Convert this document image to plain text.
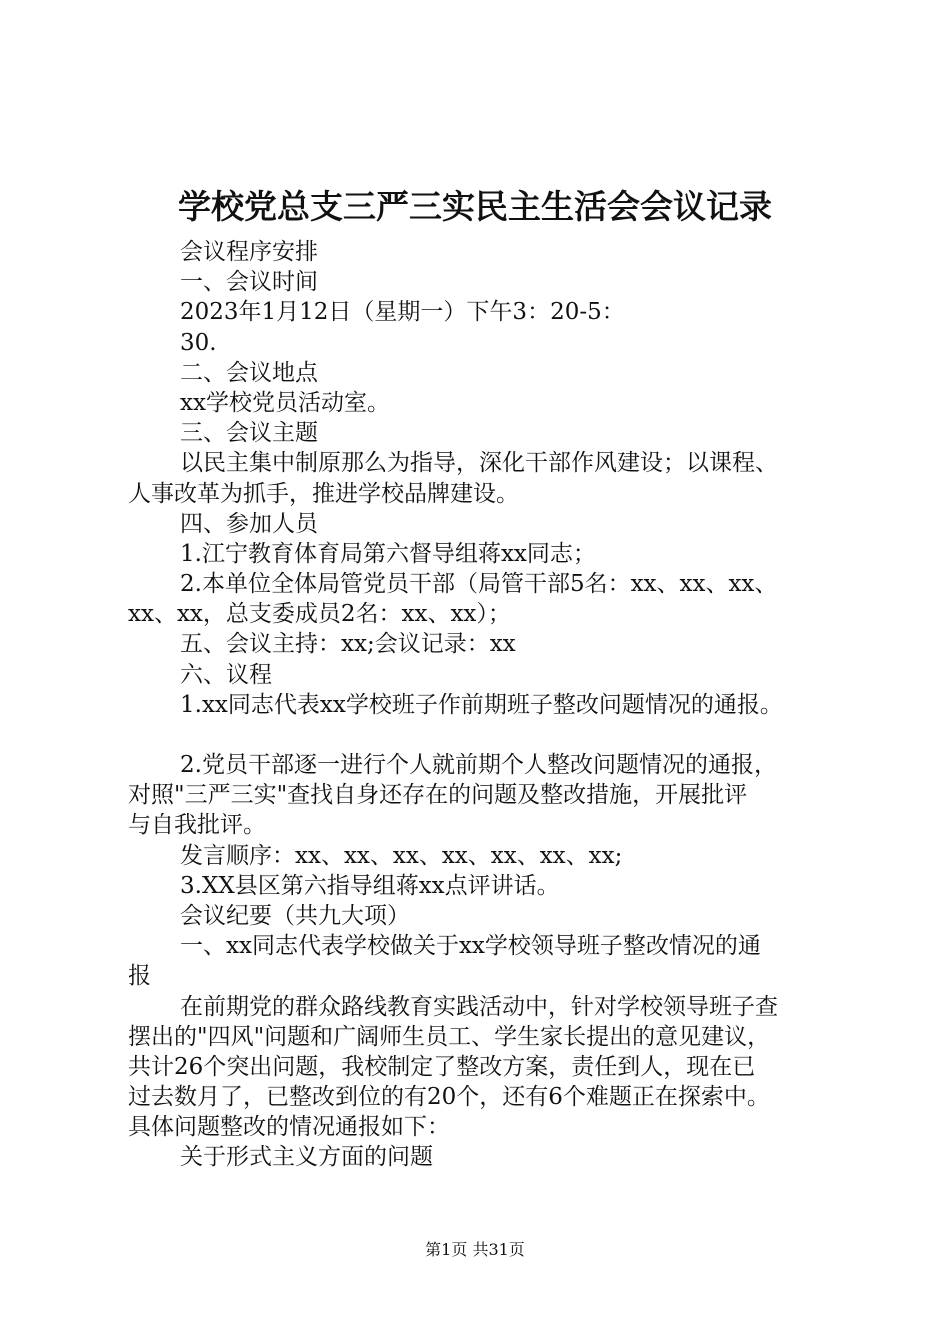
学校党总支三严三实民主生活会会议记录
会议程序安排
一、会议时间
2023年1月12日（星期一）下午3：20-5：
30.
二、会议地点
xx学校党员活动室。
三、会议主题
以民主集中制原那么为指导，深化干部作风建设；以课程、
人事改革为抓手，推进学校品牌建设。
四、参加人员
1.江宁教育体育局第六督导组蒋xx同志；
2.本单位全体局管党员干部（局管干部5名：xx、xx、xx、
xx、xx，总支委成员2名：xx、xx）；
五、会议主持：xx;会议记录：xx
六、议程
1.xx同志代表xx学校班子作前期班子整改问题情况的通报。
2.党员干部逐一进行个人就前期个人整改问题情况的通报，
对照"三严三实"查找自身还存在的问题及整改措施，开展批评
与自我批评。
发言顺序：xx、xx、xx、xx、xx、xx、xx;
3.XX县区第六指导组蒋xx点评讲话。
会议纪要（共九大项）
一、xx同志代表学校做关于xx学校领导班子整改情况的通
报
在前期党的群众路线教育实践活动中，针对学校领导班子查
摆出的"四风"问题和广阔师生员工、学生家长提出的意见建议，
共计26个突出问题，我校制定了整改方案，责任到人，现在已
过去数月了，已整改到位的有20个，还有6个难题正在探索中。
具体问题整改的情况通报如下：
关于形式主义方面的问题
第1页 共31页
